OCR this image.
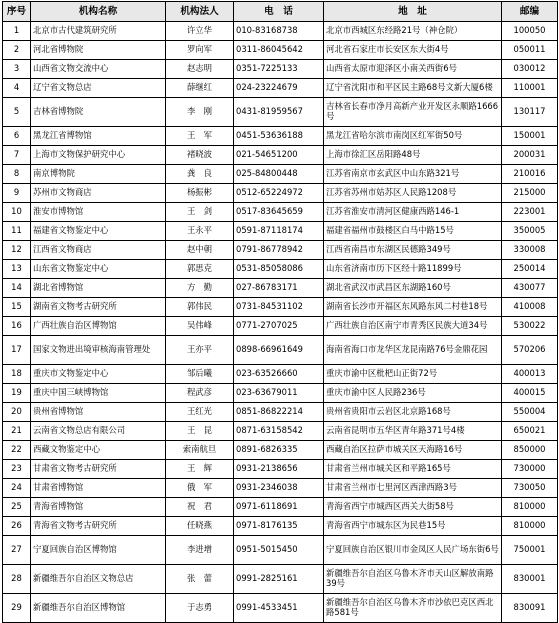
序号	机构名称	机构法人	电　话	地　址	邮编
1	北京市古代建筑研究所	许立华	010-83168738	北京市西城区东经路21号（神仓院）	100050
2	河北省博物院	罗向军	0311-86045642	河北省石家庄市长安区东大街4号	050011
3	山西省文物交流中心	赵志明	0351-7225133	山西省太原市迎泽区小南关西街6号	030012
4	辽宁省文物总店	薛继红	024-23224679	辽宁省沈阳市和平区民主路68号文新大厦6楼	110001
5	吉林省博物院	李　刚	0431-81959567	吉林省长春市净月高新产业开发区永顺路1666号	130117
6	黑龙江省博物馆	王　军	0451-53636188	黑龙江省哈尔滨市南岗区红军街50号	150001
7	上海市文物保护研究中心	褚晓波	021-54651200	上海市徐汇区岳阳路48号	200031
8	南京博物院	龚　良	025-84800448	江苏省南京市玄武区中山东路321号	210016
9	苏州市文物商店	杨振彬	0512-65224972	江苏省苏州市姑苏区人民路1208号	215000
10	淮安市博物馆	王　剑	0517-83645659	江苏省淮安市清河区健康西路146-1	223001
11	福建省文物鉴定中心	王永平	0591-87118174	福建省福州市鼓楼区白马中路15号	350005
12	江西省文物商店	赵中朝	0791-86778942	江西省南昌市东湖区民德路349号	330008
13	山东省文物鉴定中心	郭思克	0531-85058086	山东省济南市历下区经十路11899号	250014
14	湖北省博物馆	方　勤	027-86783171	湖北省武汉市武昌区东湖路160号	430077
15	湖南省文物考古研究所	郭伟民	0731-84531102	湖南省长沙市开福区东风路东风二村巷18号	410008
16	广西壮族自治区博物馆	吴伟峰	0771-2707025	广西壮族自治区南宁市青秀区民族大道34号	530022
17	国家文物进出境审核海南管理处	王亦平	0898-66961649	海南省海口市龙华区龙昆南路76号金鼎花园	570206
18	重庆市文物鉴定中心	邹后曦	023-63526660	重庆市渝中区枇杷山正街72号	400013
19	重庆中国三峡博物馆	程武彦	023-63679011	重庆市渝中区人民路236号	400015
20	贵州省博物馆	王红光	0851-86822214	贵州省贵阳市云岩区北京路168号	550004
21	云南省文物总店有限公司	王　昆	0871-63158542	云南省昆明市五华区青年路371号4楼	650021
22	西藏文物鉴定中心	索南航旦	0891-6826335	西藏自治区拉萨市城关区天海路16号	850000
23	甘肃省文物考古研究所	王　辉	0931-2138656	甘肃省兰州市城关区和平路165号	730000
24	甘肃省博物馆	俄　军	0931-2346038	甘肃省兰州市七里河区西津西路3号	730050
25	青海省博物馆	祝　君	0971-6118691	青海省西宁市城西区西关大街58号	810000
26	青海省文物考古研究所	任晓燕	0971-8176135	青海省西宁市城东区为民巷15号	810000
27	宁夏回族自治区博物馆	李进增	0951-5015450	宁夏回族自治区银川市金凤区人民广场东街6号	750001
28	新疆维吾尔自治区文物总店	张　蕾	0991-2825161	新疆维吾尔自治区乌鲁木齐市天山区解放南路39号	830001
29	新疆维吾尔自治区博物馆	于志勇	0991-4533451	新疆维吾尔自治区乌鲁木齐市沙依巴克区西北路581号	830091
